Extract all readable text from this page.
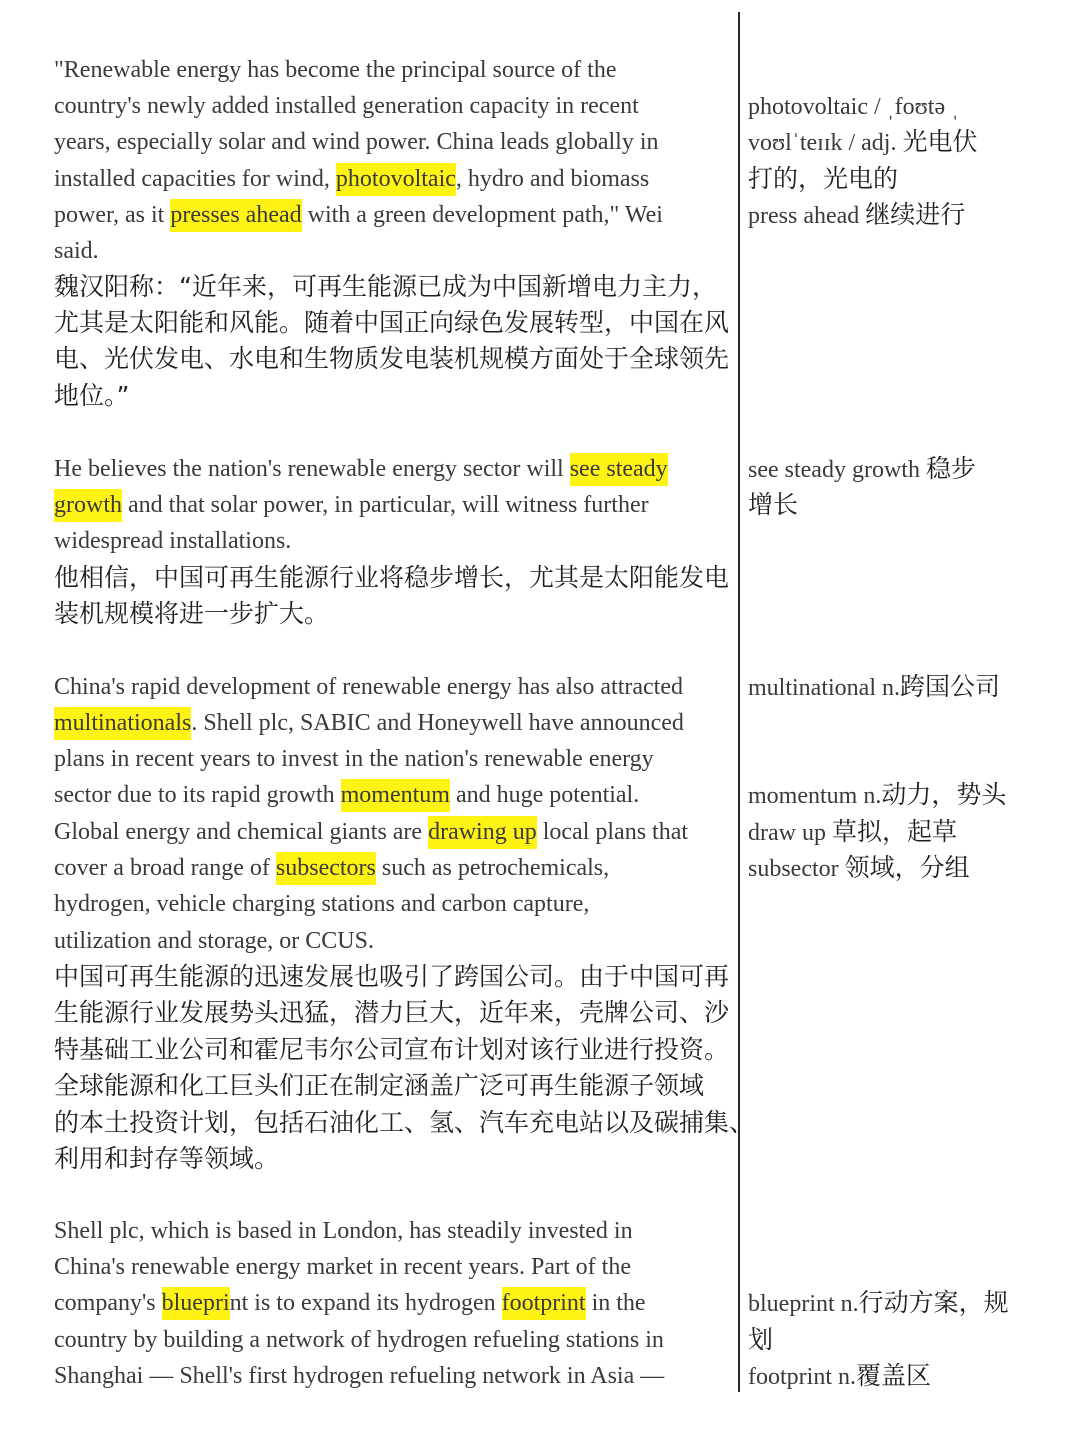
"Renewable energy has become the principal source of the
country's newly added installed generation capacity in recent
years, especially solar and wind power. China leads globally in
installed capacities for wind, photovoltaic, hydro and biomass
power, as it presses ahead with a green development path," Wei
said.
魏汉阳称：“近年来，可再生能源已成为中国新增电力主力，
尤其是太阳能和风能。随着中国正向绿色发展转型，中国在风
电、光伏发电、水电和生物质发电装机规模方面处于全球领先
地位。”
He believes the nation's renewable energy sector will see steady
growth and that solar power, in particular, will witness further
widespread installations.
他相信，中国可再生能源行业将稳步增长，尤其是太阳能发电
装机规模将进一步扩大。
China's rapid development of renewable energy has also attracted
multinationals. Shell plc, SABIC and Honeywell have announced
plans in recent years to invest in the nation's renewable energy
sector due to its rapid growth momentum and huge potential.
Global energy and chemical giants are drawing up local plans that
cover a broad range of subsectors such as petrochemicals,
hydrogen, vehicle charging stations and carbon capture,
utilization and storage, or CCUS.
中国可再生能源的迅速发展也吸引了跨国公司。由于中国可再
生能源行业发展势头迅猛，潜力巨大，近年来，壳牌公司、沙
特基础工业公司和霍尼韦尔公司宣布计划对该行业进行投资。
全球能源和化工巨头们正在制定涵盖广泛可再生能源子领域
的本土投资计划，包括石油化工、氢、汽车充电站以及碳捕集、
利用和封存等领域。
Shell plc, which is based in London, has steadily invested in
China's renewable energy market in recent years. Part of the
company's blueprint is to expand its hydrogen footprint in the
country by building a network of hydrogen refueling stations in
Shanghai — Shell's first hydrogen refueling network in Asia —
photovoltaic / ˌfoʊtə ˌ
voʊlˈteɪɪk / adj. 光电伏
打的，光电的
press ahead 继续进行
see steady growth 稳步
增长
multinational n.跨国公司
momentum n.动力，势头
draw up 草拟，起草
subsector 领域，分组
blueprint n.行动方案，规
划
footprint n.覆盖区
